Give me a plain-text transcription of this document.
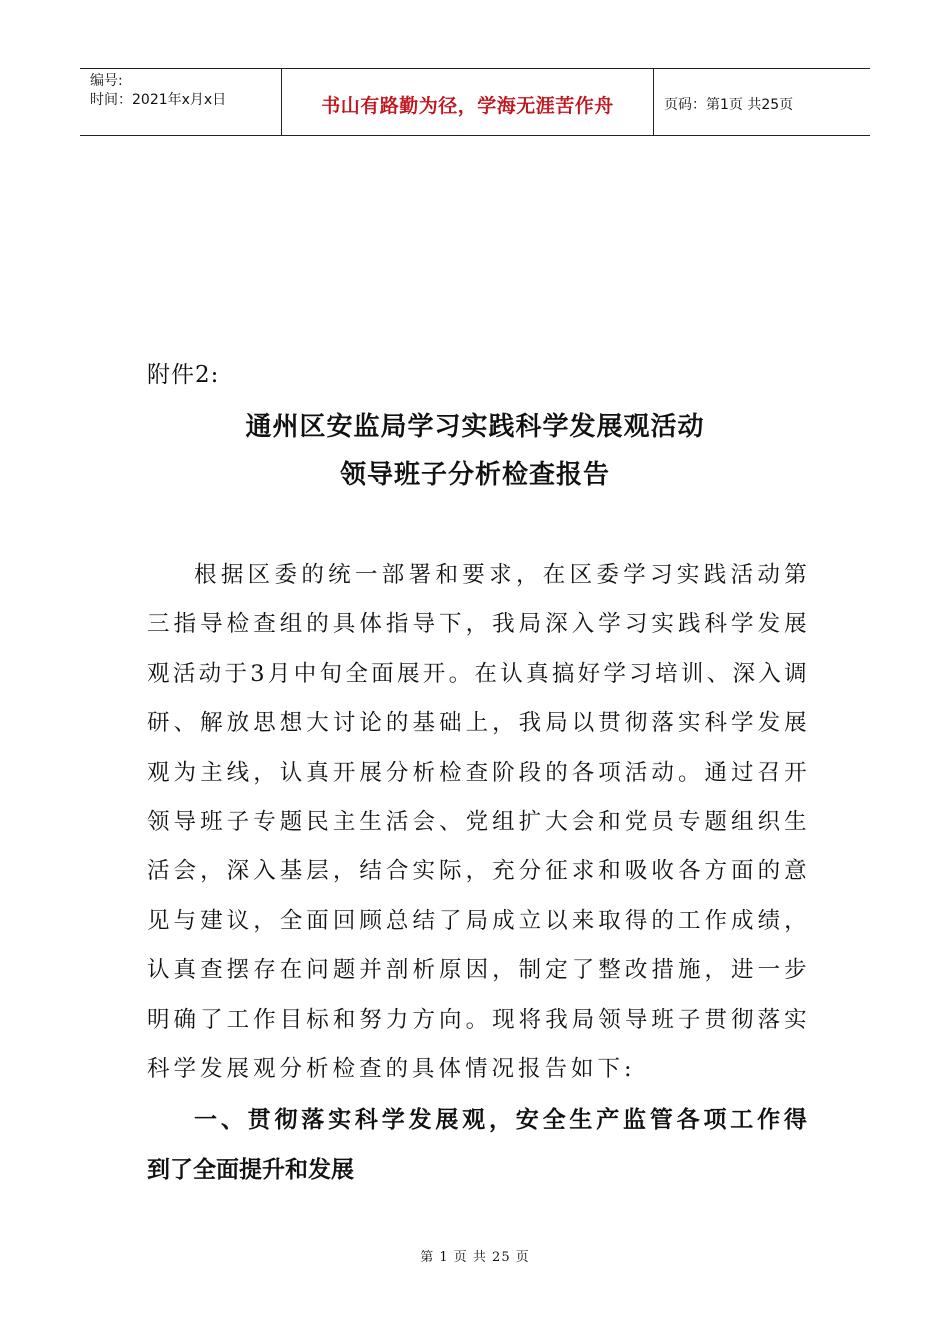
编号:
时间：2021年x月x日	书山有路勤为径，学海无涯苦作舟	页码：第1页 共25页
附件2:
通州区安监局学习实践科学发展观活动
领导班子分析检查报告
根 据 区 委 的 统 一 部 署 和 要 求 ， 在 区 委 学 习 实 践 活 动 第
三 指 导 检 查 组 的 具 体 指 导 下 ， 我 局 深 入 学 习 实 践 科 学 发 展
观 活 动 于 3 月 中 旬 全 面 展 开 。 在 认 真 搞 好 学 习 培 训 、 深 入 调
研 、 解 放 思 想 大 讨 论 的 基 础 上 ， 我 局 以 贯 彻 落 实 科 学 发 展
观 为 主 线 ， 认 真 开 展 分 析 检 查 阶 段 的 各 项 活 动 。 通 过 召 开
领 导 班 子 专 题 民 主 生 活 会 、 党 组 扩 大 会 和 党 员 专 题 组 织 生
活 会 ， 深 入 基 层 ， 结 合 实 际 ， 充 分 征 求 和 吸 收 各 方 面 的 意
见 与 建 议 ， 全 面 回 顾 总 结 了 局 成 立 以 来 取 得 的 工 作 成 绩 ，
认 真 查 摆 存 在 问 题 并 剖 析 原 因 ， 制 定 了 整 改 措 施 ， 进 一 步
明 确 了 工 作 目 标 和 努 力 方 向 。 现 将 我 局 领 导 班 子 贯 彻 落 实
科学发展观分析检查的具体情况报告如下:
一 、 贯 彻 落 实 科 学 发 展 观 ， 安 全 生 产 监 管 各 项 工 作 得
到了全面提升和发展
第 1 页 共 25 页
